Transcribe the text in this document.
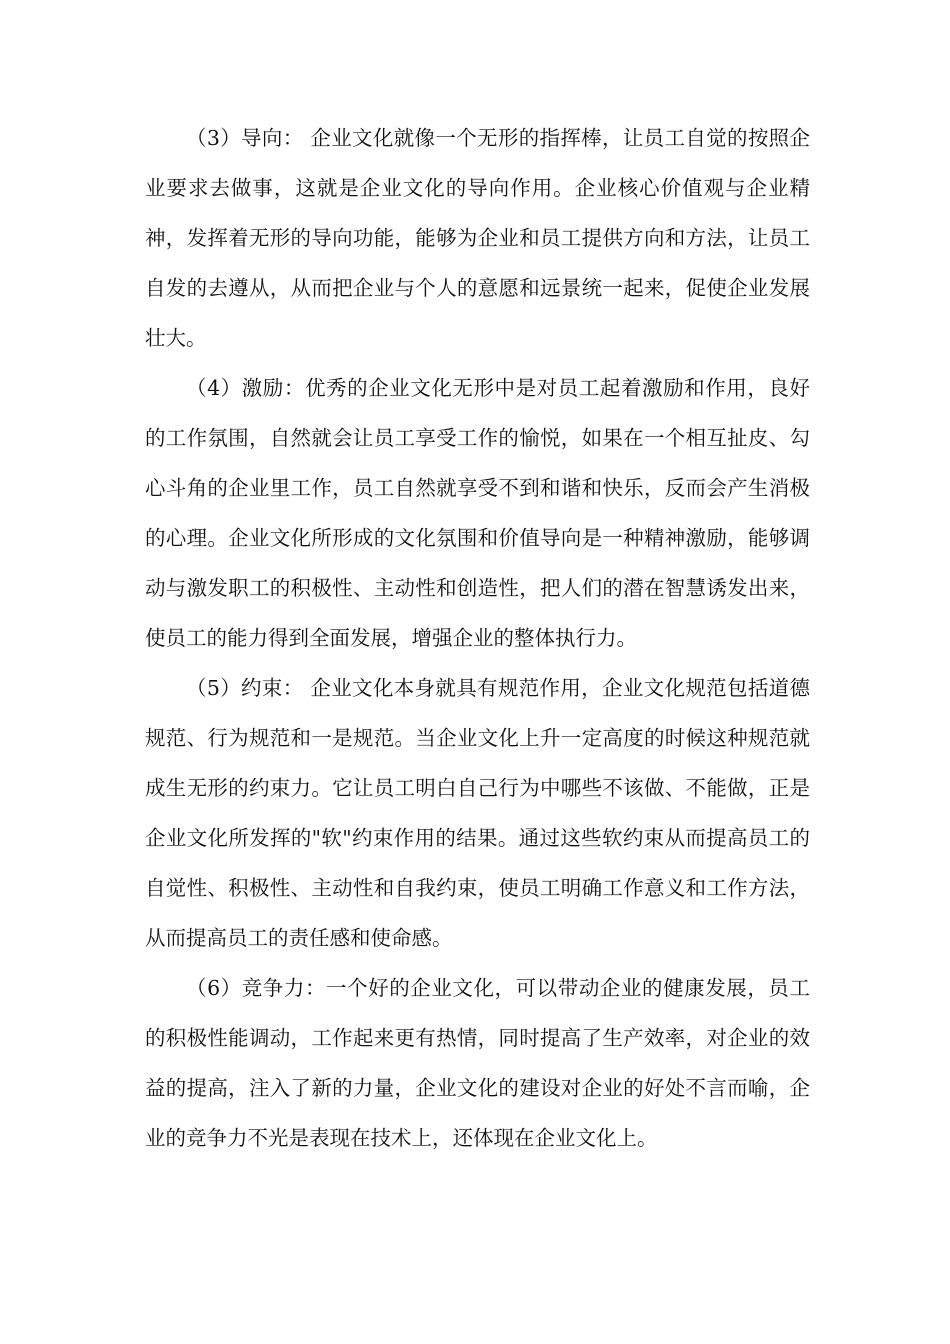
（3）导向： 企业文化就像一个无形的指挥棒，让员工自觉的按照企业要求去做事，这就是企业文化的导向作用。企业核心价值观与企业精神，发挥着无形的导向功能，能够为企业和员工提供方向和方法，让员工自发的去遵从，从而把企业与个人的意愿和远景统一起来，促使企业发展壮大。

（4）激励：优秀的企业文化无形中是对员工起着激励和作用，良好的工作氛围，自然就会让员工享受工作的愉悦，如果在一个相互扯皮、勾心斗角的企业里工作，员工自然就享受不到和谐和快乐，反而会产生消极的心理。企业文化所形成的文化氛围和价值导向是一种精神激励，能够调动与激发职工的积极性、主动性和创造性，把人们的潜在智慧诱发出来，使员工的能力得到全面发展，增强企业的整体执行力。

（5）约束： 企业文化本身就具有规范作用，企业文化规范包括道德规范、行为规范和一是规范。当企业文化上升一定高度的时候这种规范就成生无形的约束力。它让员工明白自己行为中哪些不该做、不能做，正是企业文化所发挥的"软"约束作用的结果。通过这些软约束从而提高员工的自觉性、积极性、主动性和自我约束，使员工明确工作意义和工作方法，从而提高员工的责任感和使命感。

（6）竞争力：一个好的企业文化，可以带动企业的健康发展，员工的积极性能调动，工作起来更有热情，同时提高了生产效率，对企业的效益的提高，注入了新的力量，企业文化的建设对企业的好处不言而喻，企业的竞争力不光是表现在技术上，还体现在企业文化上。
